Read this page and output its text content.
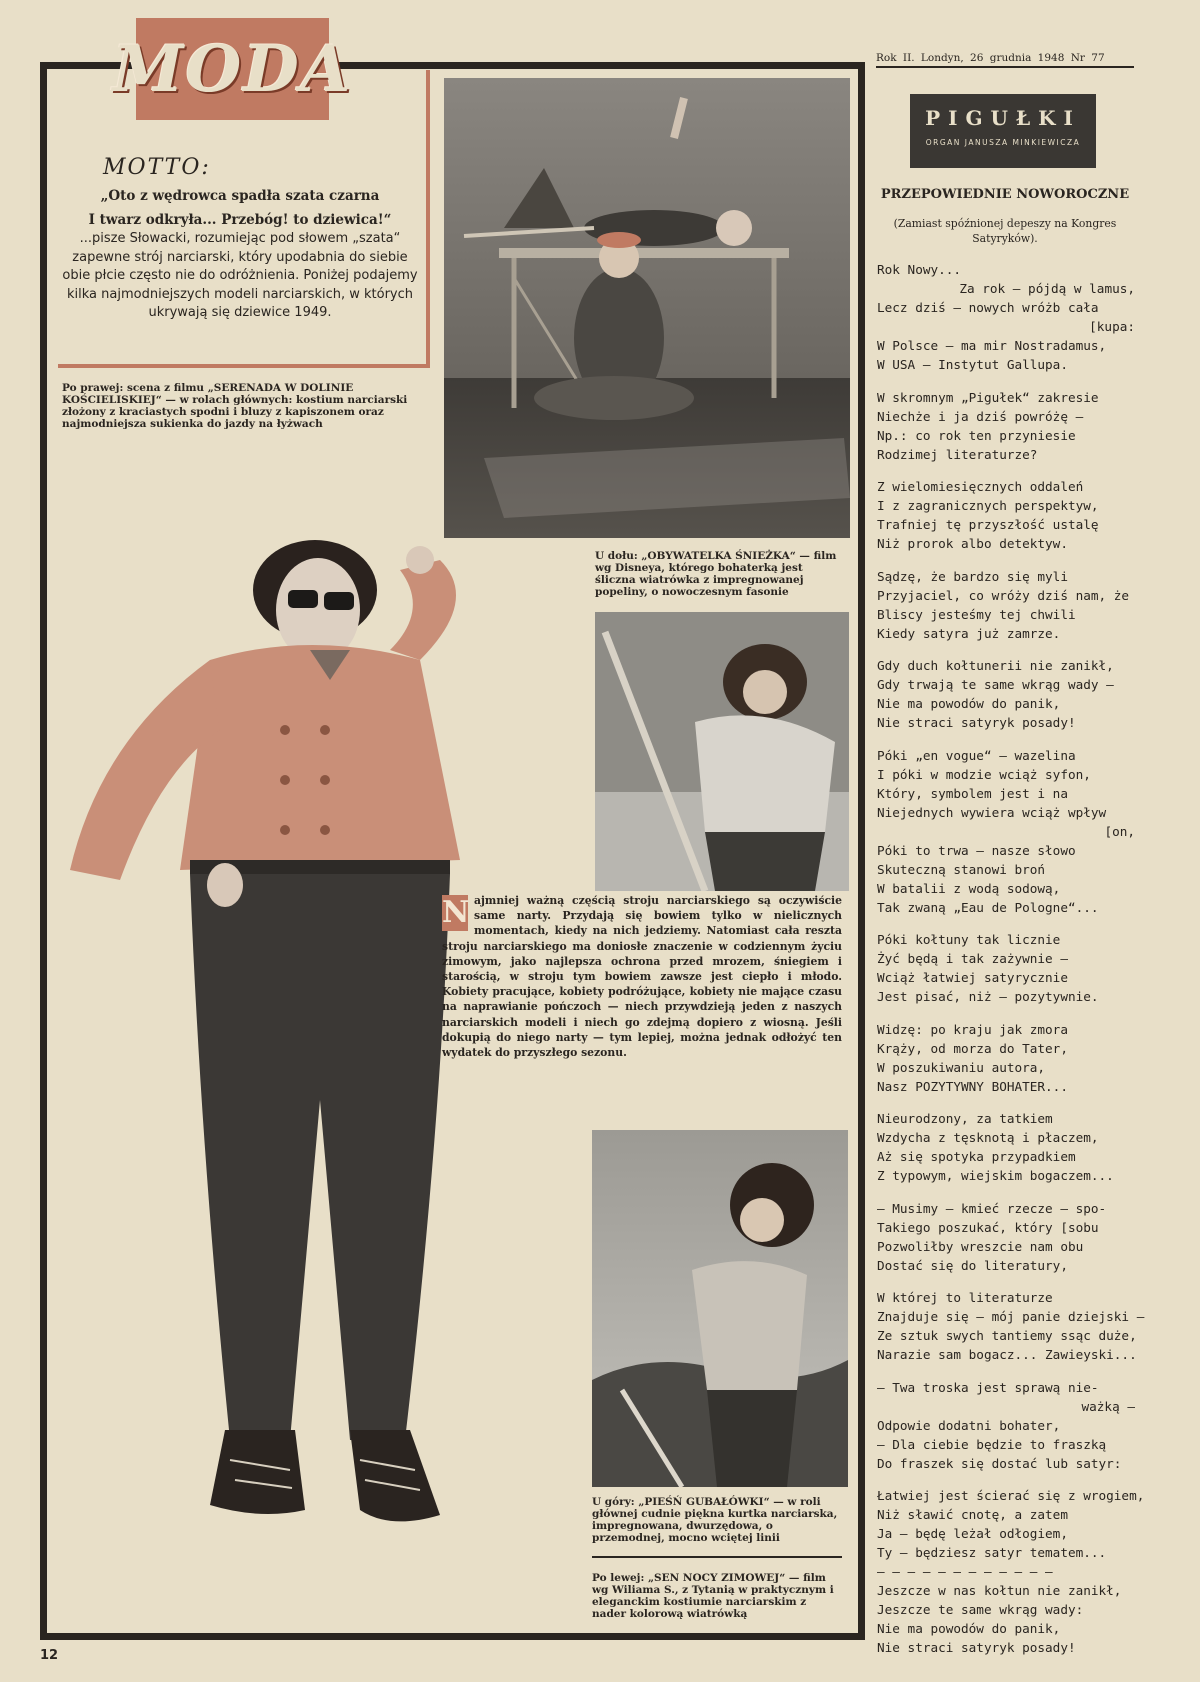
MODA
MOTTO:
„Oto z wędrowca spadła szata czarna
I twarz odkryła... Przebóg! to dziewica!“
...pisze Słowacki, rozumiejąc pod słowem „szata“ zapewne strój narciarski, który upodabnia do siebie obie płcie często nie do odróżnienia. Poniżej podajemy kilka najmodniejszych modeli narciarskich, w których ukrywają się dziewice 1949.
Po prawej: scena z filmu „SERENADA W DOLINIE KOŚCIELISKIEJ“ — w rolach głównych: kostium narciarski złożony z kraciastych spodni i bluzy z kapiszonem oraz najmodniejsza sukienka do jazdy na łyżwach
U dołu: „OBYWATELKA ŚNIEŻKA“ — film wg Disneya, którego bohaterką jest śliczna wiatrówka z impregnowanej popeliny, o nowoczesnym fasonie
U góry: „PIEŚŃ GUBAŁÓWKI“ — w roli głównej cudnie piękna kurtka narciarska, impregnowana, dwurzędowa, o przemodnej, mocno wciętej linii
Po lewej: „SEN NOCY ZIMOWEJ“ — film wg Wiliama S., z Tytanią w praktycznym i eleganckim kostiumie narciarskim z nader kolorową wiatrówką
N ajmniej ważną częścią stroju narciarskiego są oczywiście same narty. Przydają się bowiem tylko w nielicznych momentach, kiedy na nich jedziemy. Natomiast cała reszta stroju narciarskiego ma doniosłe znaczenie w codziennym życiu zimowym, jako najlepsza ochrona przed mrozem, śniegiem i starością, w stroju tym bowiem zawsze jest ciepło i młodo. Kobiety pracujące, kobiety podróżujące, kobiety nie mające czasu na naprawianie pończoch — niech przywdzieją jeden z naszych narciarskich modeli i niech go zdejmą dopiero z wiosną. Jeśli dokupią do niego narty — tym lepiej, można jednak odłożyć ten wydatek do przyszłego sezonu.
Rok II. Londyn, 26 grudnia 1948 Nr 77
PIGUŁKI
ORGAN JANUSZA MINKIEWICZA
PRZEPOWIEDNIE NOWOROCZNE
(Zamiast spóźnionej depeszy na Kongres Satyryków).
Rok Nowy...
Za rok — pójdą w lamus,
Lecz dziś — nowych wróżb cała
[kupa:
W Polsce — ma mir Nostradamus,
W USA — Instytut Gallupa.
W skromnym „Pigułek“ zakresie
Niechże i ja dziś powróżę —
Np.: co rok ten przyniesie
Rodzimej literaturze?
Z wielomiesięcznych oddaleń
I z zagranicznych perspektyw,
Trafniej tę przyszłość ustalę
Niż prorok albo detektyw.
Sądzę, że bardzo się myli
Przyjaciel, co wróży dziś nam, że
Bliscy jesteśmy tej chwili
Kiedy satyra już zamrze.
Gdy duch kołtunerii nie zanikł,
Gdy trwają te same wkrąg wady —
Nie ma powodów do panik,
Nie straci satyryk posady!
Póki „en vogue“ — wazelina
I póki w modzie wciąż syfon,
Który, symbolem jest i na
Niejednych wywiera wciąż wpływ
[on,
Póki to trwa — nasze słowo
Skuteczną stanowi broń
W batalii z wodą sodową,
Tak zwaną „Eau de Pologne“...
Póki kołtuny tak licznie
Żyć będą i tak zażywnie —
Wciąż łatwiej satyrycznie
Jest pisać, niż — pozytywnie.
Widzę: po kraju jak zmora
Krąży, od morza do Tater,
W poszukiwaniu autora,
Nasz POZYTYWNY BOHATER...
Nieurodzony, za tatkiem
Wzdycha z tęsknotą i płaczem,
Aż się spotyka przypadkiem
Z typowym, wiejskim bogaczem...
— Musimy — kmieć rzecze — spo-
Takiego poszukać, który [sobu
Pozwoliłby wreszcie nam obu
Dostać się do literatury,
W której to literaturze
Znajduje się — mój panie dziejski —
Ze sztuk swych tantiemy ssąc duże,
Narazie sam bogacz... Zawieyski...
— Twa troska jest sprawą nie-
ważką —
Odpowie dodatni bohater,
— Dla ciebie będzie to fraszką
Do fraszek się dostać lub satyr:
Łatwiej jest ścierać się z wrogiem,
Niż sławić cnotę, a zatem
Ja — będę leżał odłogiem,
Ty — będziesz satyr tematem...
— — — — — — — — — — — —
Jeszcze w nas kołtun nie zanikł,
Jeszcze te same wkrąg wady:
Nie ma powodów do panik,
Nie straci satyryk posady!
12
